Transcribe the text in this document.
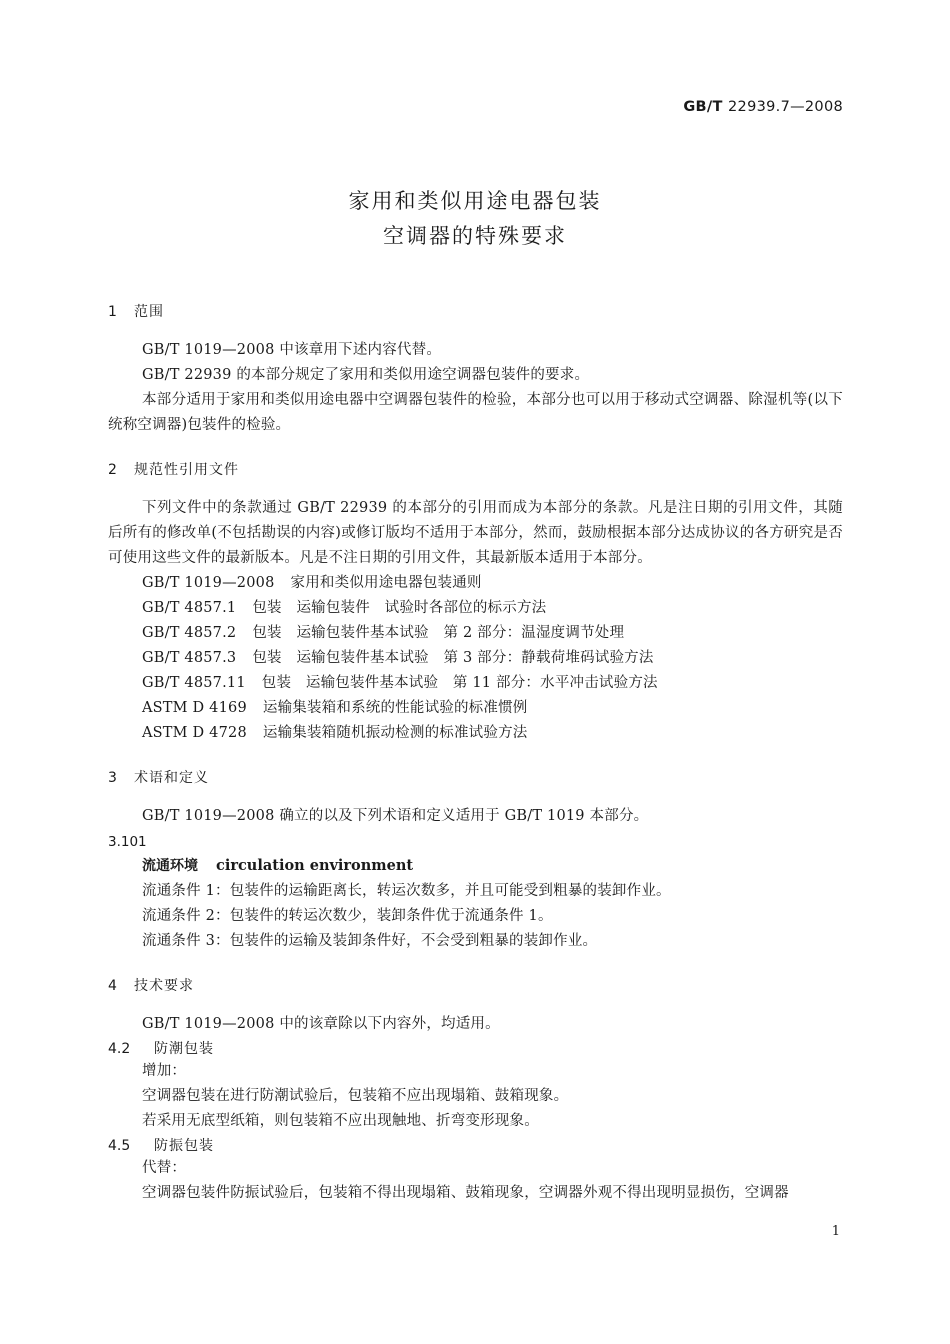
GB/T 22939.7—2008
家用和类似用途电器包装
空调器的特殊要求
1 范围

GB/T 1019—2008 中该章用下述内容代替。

GB/T 22939 的本部分规定了家用和类似用途空调器包装件的要求。

本部分适用于家用和类似用途电器中空调器包装件的检验，本部分也可以用于移动式空调器、除湿机等(以下统称空调器)包装件的检验。

2 规范性引用文件

下列文件中的条款通过 GB/T 22939 的本部分的引用而成为本部分的条款。凡是注日期的引用文件，其随后所有的修改单(不包括勘误的内容)或修订版均不适用于本部分，然而，鼓励根据本部分达成协议的各方研究是否可使用这些文件的最新版本。凡是不注日期的引用文件，其最新版本适用于本部分。

GB/T 1019—2008 家用和类似用途电器包装通则
GB/T 4857.1 包装　运输包装件　试验时各部位的标示方法
GB/T 4857.2 包装　运输包装件基本试验　第 2 部分：温湿度调节处理
GB/T 4857.3 包装　运输包装件基本试验　第 3 部分：静载荷堆码试验方法
GB/T 4857.11 包装　运输包装件基本试验　第 11 部分：水平冲击试验方法
ASTM D 4169 运输集装箱和系统的性能试验的标准惯例
ASTM D 4728 运输集装箱随机振动检测的标准试验方法
3 术语和定义

GB/T 1019—2008 确立的以及下列术语和定义适用于 GB/T 1019 本部分。

3.101
流通环境 circulation environment
流通条件 1：包装件的运输距离长，转运次数多，并且可能受到粗暴的装卸作业。
流通条件 2：包装件的转运次数少，装卸条件优于流通条件 1。
流通条件 3：包装件的运输及装卸条件好，不会受到粗暴的装卸作业。
4 技术要求

GB/T 1019—2008 中的该章除以下内容外，均适用。

4.2 防潮包装
增加：
空调器包装在进行防潮试验后，包装箱不应出现塌箱、鼓箱现象。
若采用无底型纸箱，则包装箱不应出现触地、折弯变形现象。
4.5 防振包装
代替：
空调器包装件防振试验后，包装箱不得出现塌箱、鼓箱现象，空调器外观不得出现明显损伤，空调器
1
